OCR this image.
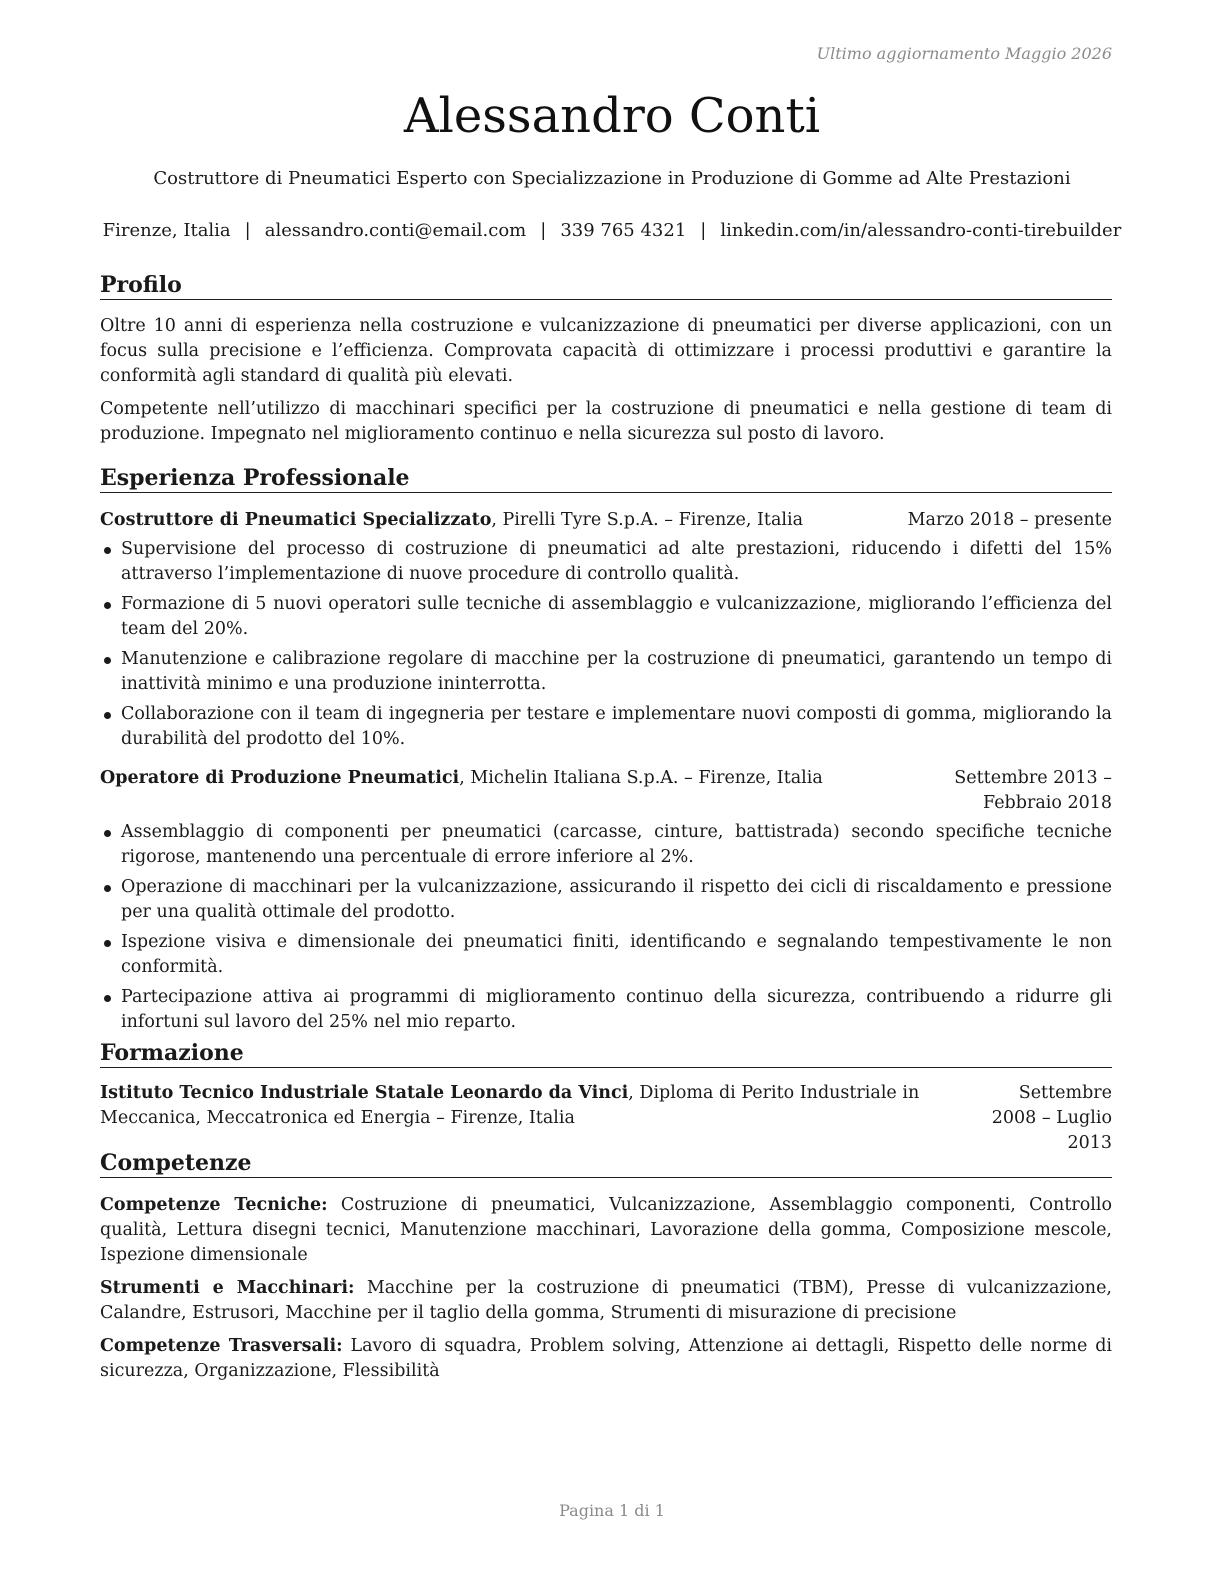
Ultimo aggiornamento Maggio 2026
Alessandro Conti
Costruttore di Pneumatici Esperto con Specializzazione in Produzione di Gomme ad Alte Prestazioni
Firenze, Italia | alessandro.conti@email.com | 339 765 4321 | linkedin.com/in/alessandro-conti-tirebuilder
Profilo

Oltre 10 anni di esperienza nella costruzione e vulcanizzazione di pneumatici per diverse applicazioni, con un focus sulla precisione e l’efficienza. Comprovata capacità di ottimizzare i processi produttivi e garantire la conformità agli standard di qualità più elevati.

Competente nell’utilizzo di macchinari specifici per la costruzione di pneumatici e nella gestione di team di produzione. Impegnato nel miglioramento continuo e nella sicurezza sul posto di lavoro.

Esperienza Professionale
Costruttore di Pneumatici Specializzato, Pirelli Tyre S.p.A. – Firenze, Italia	Marzo 2018 – presente
Supervisione del processo di costruzione di pneumatici ad alte prestazioni, riducendo i difetti del 15% attraverso l’implementazione di nuove procedure di controllo qualità.
Formazione di 5 nuovi operatori sulle tecniche di assemblaggio e vulcanizzazione, migliorando l’efficienza del team del 20%.
Manutenzione e calibrazione regolare di macchine per la costruzione di pneumatici, garantendo un tempo di inattività minimo e una produzione ininterrotta.
Collaborazione con il team di ingegneria per testare e implementare nuovi composti di gomma, migliorando la durabilità del prodotto del 10%.
Operatore di Produzione Pneumatici, Michelin Italiana S.p.A. – Firenze, Italia	Settembre 2013 – Febbraio 2018
Assemblaggio di componenti per pneumatici (carcasse, cinture, battistrada) secondo specifiche tecniche rigorose, mantenendo una percentuale di errore inferiore al 2%.
Operazione di macchinari per la vulcanizzazione, assicurando il rispetto dei cicli di riscaldamento e pressione per una qualità ottimale del prodotto.
Ispezione visiva e dimensionale dei pneumatici finiti, identificando e segnalando tempestivamente le non conformità.
Partecipazione attiva ai programmi di miglioramento continuo della sicurezza, contribuendo a ridurre gli infortuni sul lavoro del 25% nel mio reparto.
Formazione
Istituto Tecnico Industriale Statale Leonardo da Vinci, Diploma di Perito Industriale in Meccanica, Meccatronica ed Energia – Firenze, Italia
Settembre 2008 – Luglio 2013
Competenze

Competenze Tecniche: Costruzione di pneumatici, Vulcanizzazione, Assemblaggio componenti, Controllo qualità, Lettura disegni tecnici, Manutenzione macchinari, Lavorazione della gomma, Composizione mescole, Ispezione dimensionale

Strumenti e Macchinari: Macchine per la costruzione di pneumatici (TBM), Presse di vulcanizzazione, Calandre, Estrusori, Macchine per il taglio della gomma, Strumenti di misurazione di precisione

Competenze Trasversali: Lavoro di squadra, Problem solving, Attenzione ai dettagli, Rispetto delle norme di sicurezza, Organizzazione, Flessibilità

Pagina 1 di 1
